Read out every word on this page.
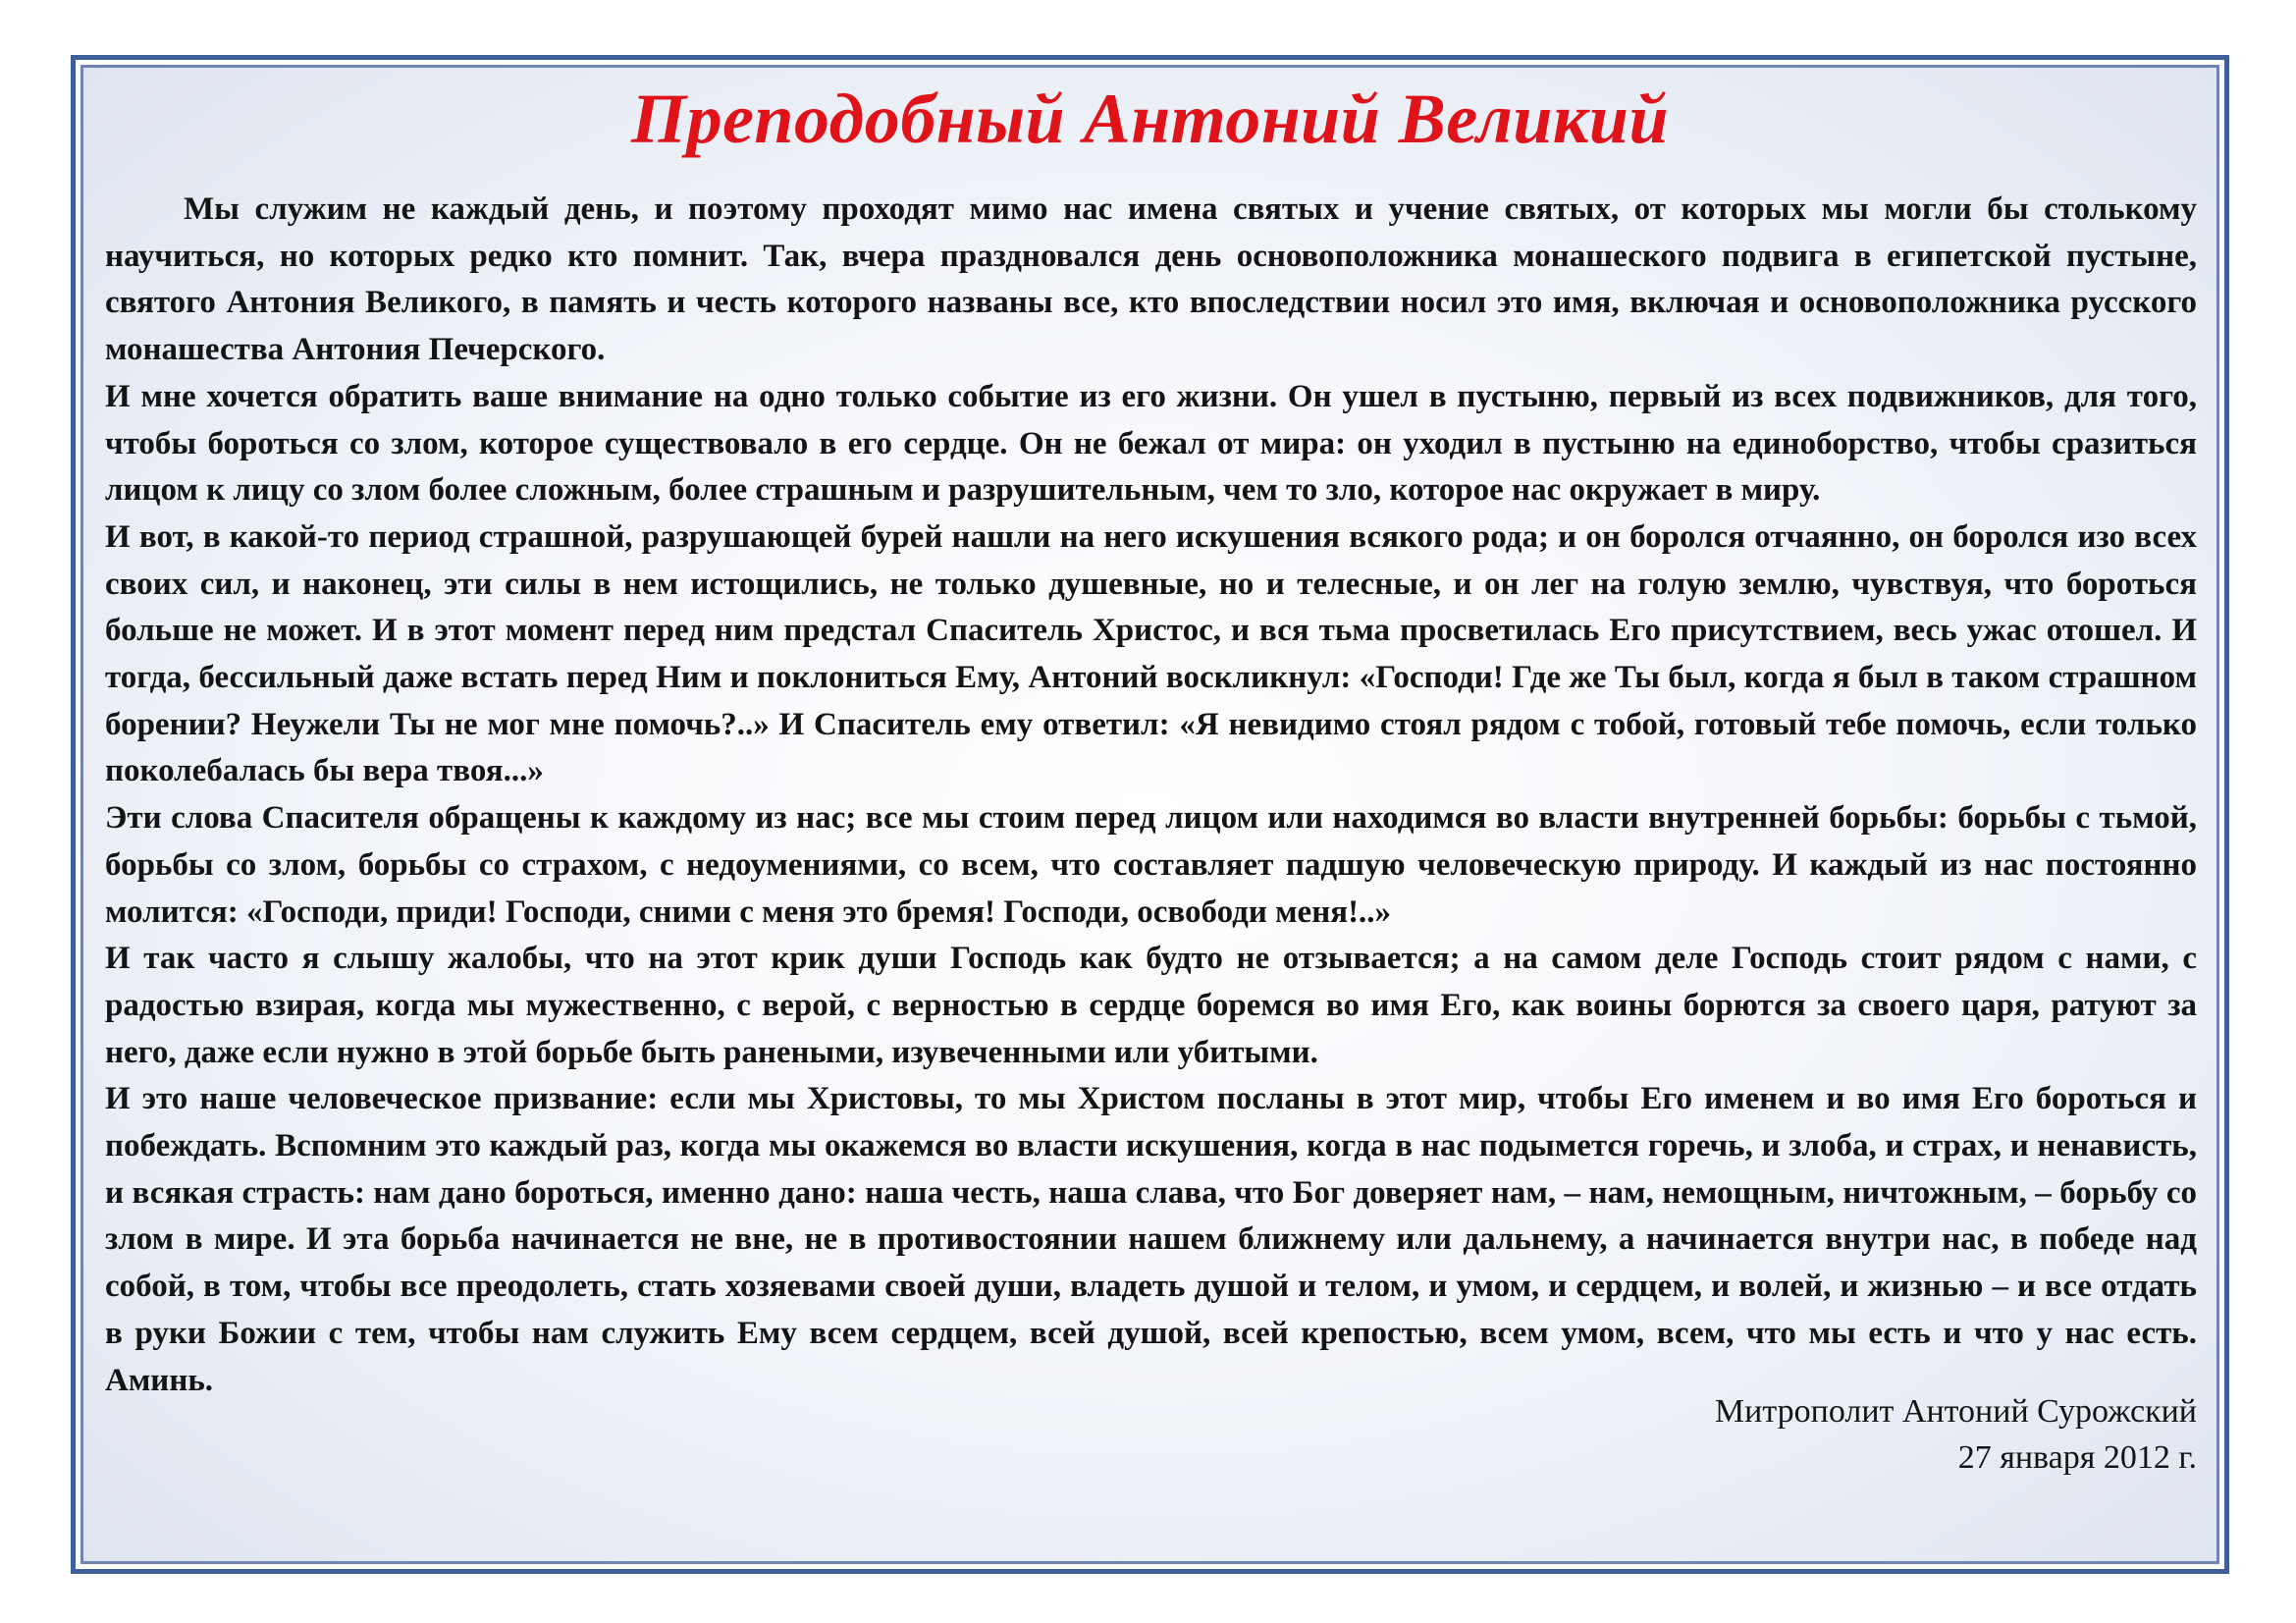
Преподобный Антоний Великий

Мы служим не каждый день, и поэтому проходят мимо нас имена святых и учение святых, от которых мы могли бы столькому научиться, но которых редко кто помнит. Так, вчера праздновался день основоположника монашеского подвига в египетской пустыне, святого Антония Великого, в память и честь которого названы все, кто впоследствии носил это имя, включая и основоположника русского монашества Антония Печерского.

И мне хочется обратить ваше внимание на одно только событие из его жизни. Он ушел в пустыню, первый из всех подвижников, для того, чтобы бороться со злом, которое существовало в его сердце. Он не бежал от мира: он уходил в пустыню на единоборство, чтобы сразиться лицом к лицу со злом более сложным, более страшным и разрушительным, чем то зло, которое нас окружает в миру.

И вот, в какой-то период страшной, разрушающей бурей нашли на него искушения всякого рода; и он боролся отчаянно, он боролся изо всех своих сил, и наконец, эти силы в нем истощились, не только душевные, но и телесные, и он лег на голую землю, чувствуя, что бороться больше не может. И в этот момент перед ним предстал Спаситель Христос, и вся тьма просветилась Его присутствием, весь ужас отошел. И тогда, бессильный даже встать перед Ним и поклониться Ему, Антоний воскликнул: «Господи! Где же Ты был, когда я был в таком страшном борении? Неужели Ты не мог мне помочь?..» И Спаситель ему ответил: «Я невидимо стоял рядом с тобой, готовый тебе помочь, если только поколебалась бы вера твоя...»

Эти слова Спасителя обращены к каждому из нас; все мы стоим перед лицом или находимся во власти внутренней борьбы: борьбы с тьмой, борьбы со злом, борьбы со страхом, с недоумениями, со всем, что составляет падшую человеческую природу. И каждый из нас постоянно молится: «Господи, приди! Господи, сними с меня это бремя! Господи, освободи меня!..»

И так часто я слышу жалобы, что на этот крик души Господь как будто не отзывается; а на самом деле Господь стоит рядом с нами, с радостью взирая, когда мы мужественно, с верой, с верностью в сердце боремся во имя Его, как воины борются за своего царя, ратуют за него, даже если нужно в этой борьбе быть ранеными, изувеченными или убитыми.

И это наше человеческое призвание: если мы Христовы, то мы Христом посланы в этот мир, чтобы Его именем и во имя Его бороться и побеждать. Вспомним это каждый раз, когда мы окажемся во власти искушения, когда в нас подымется горечь, и злоба, и страх, и ненависть, и всякая страсть: нам дано бороться, именно дано: наша честь, наша слава, что Бог доверяет нам, – нам, немощным, ничтожным, – борьбу со злом в мире. И эта борьба начинается не вне, не в противостоянии нашем ближнему или дальнему, а начинается внутри нас, в победе над собой, в том, чтобы все преодолеть, стать хозяевами своей души, владеть душой и телом, и умом, и сердцем, и волей, и жизнью – и все отдать в руки Божии с тем, чтобы нам служить Ему всем сердцем, всей душой, всей крепостью, всем умом, всем, что мы есть и что у нас есть. Аминь.

Митрополит Антоний Сурожский
27 января 2012 г.
